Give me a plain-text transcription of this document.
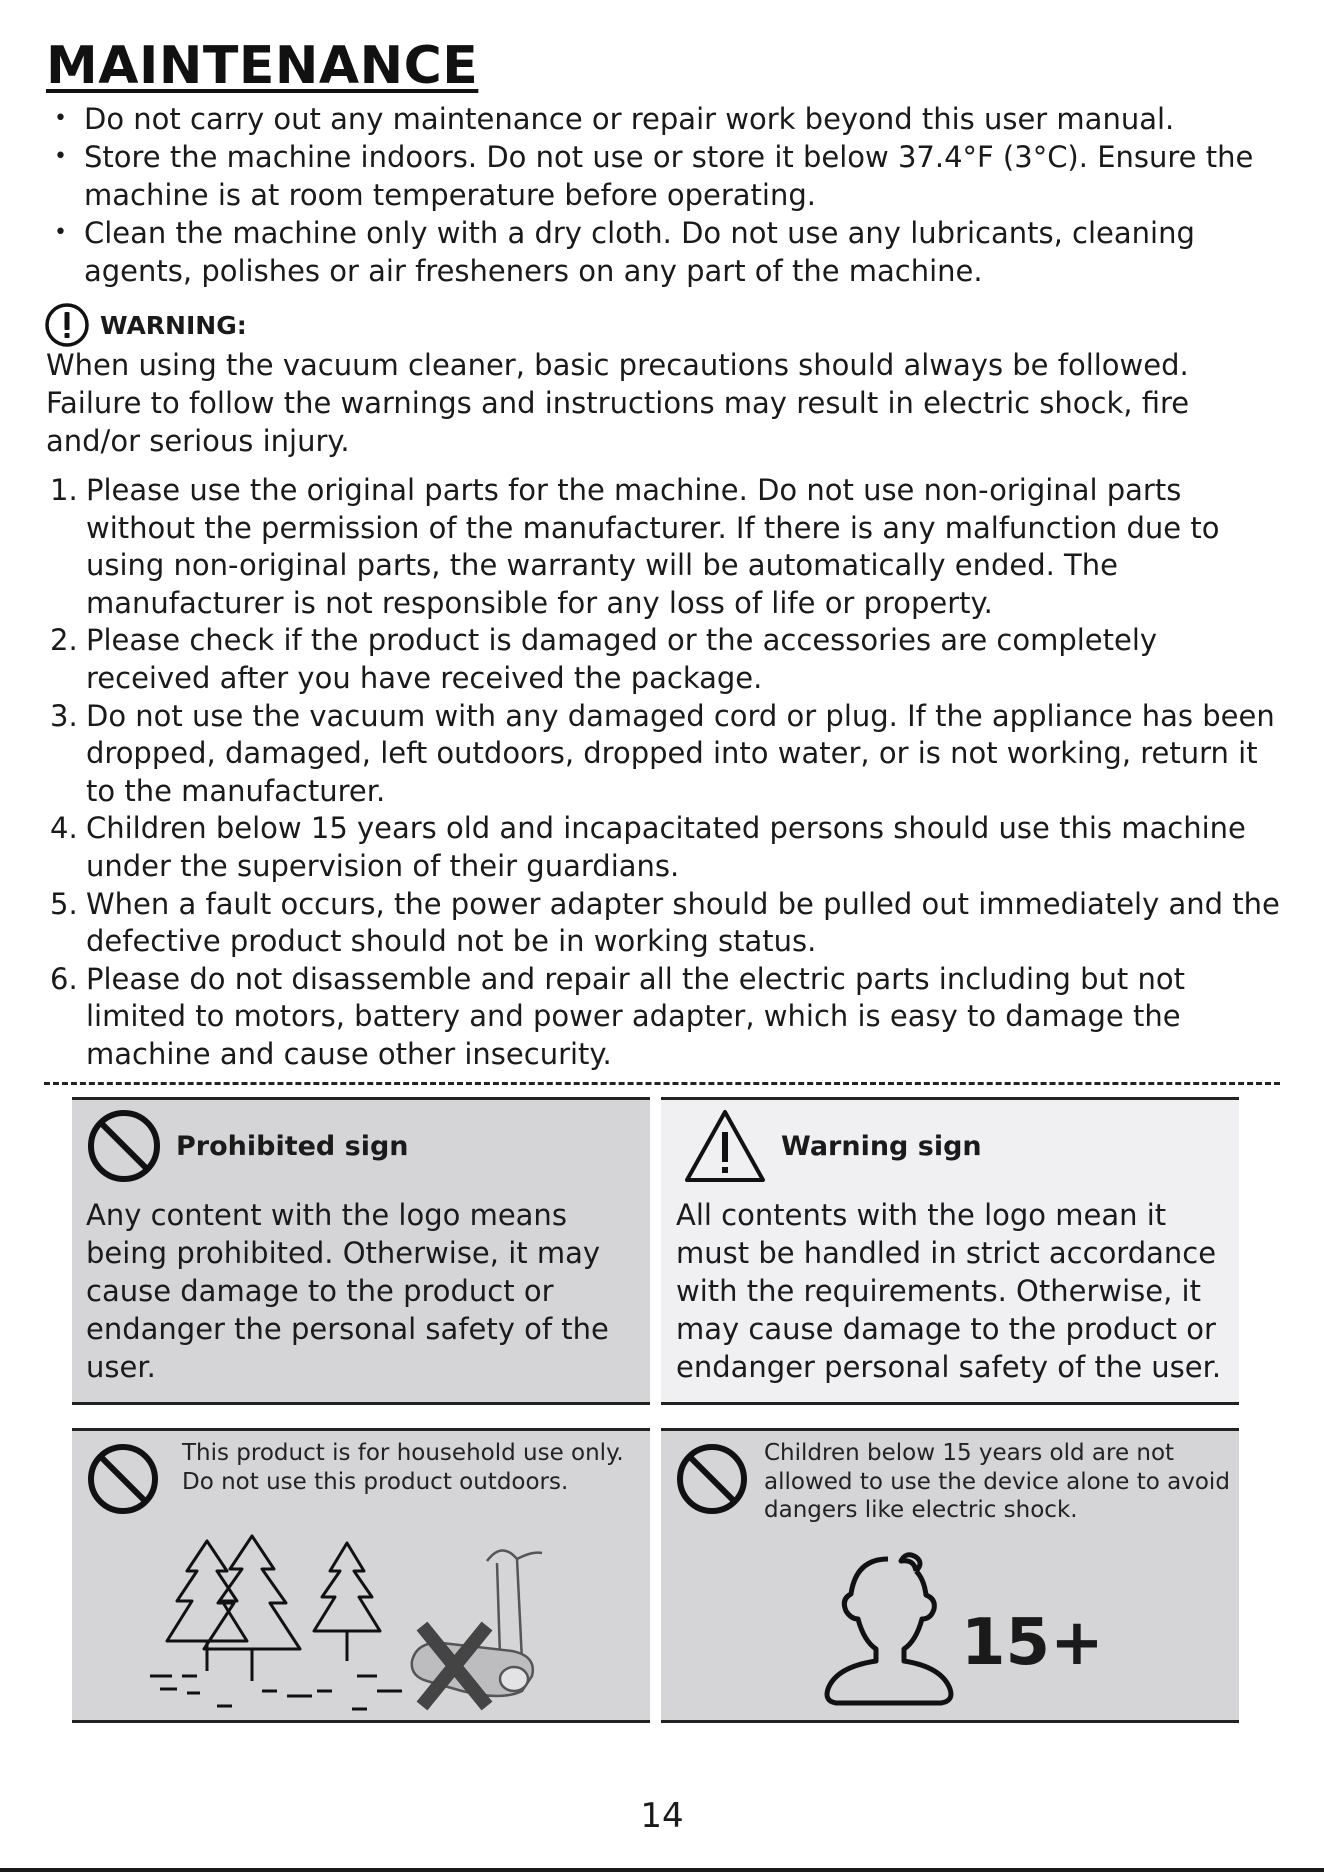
MAINTENANCE
• Do not carry out any maintenance or repair work beyond this user manual.
• Store the machine indoors. Do not use or store it below 37.4°F (3°C). Ensure the machine is at room temperature before operating.
• Clean the machine only with a dry cloth. Do not use any lubricants, cleaning agents, polishes or air fresheners on any part of the machine.
WARNING:

When using the vacuum cleaner, basic precautions should always be followed. Failure to follow the warnings and instructions may result in electric shock, fire and/or serious injury.

1. Please use the original parts for the machine. Do not use non-original parts without the permission of the manufacturer. If there is any malfunction due to using non-original parts, the warranty will be automatically ended. The manufacturer is not responsible for any loss of life or property.
2. Please check if the product is damaged or the accessories are completely received after you have received the package.
3. Do not use the vacuum with any damaged cord or plug. If the appliance has been dropped, damaged, left outdoors, dropped into water, or is not working, return it to the manufacturer.
4. Children below 15 years old and incapacitated persons should use this machine under the supervision of their guardians.
5. When a fault occurs, the power adapter should be pulled out immediately and the defective product should not be in working status.
6. Please do not disassemble and repair all the electric parts including but not limited to motors, battery and power adapter, which is easy to damage the machine and cause other insecurity.
Prohibited sign

Any content with the logo means being prohibited. Otherwise, it may cause damage to the product or endanger the personal safety of the user.

Warning sign

All contents with the logo mean it must be handled in strict accordance with the requirements. Otherwise, it may cause damage to the product or endanger personal safety of the user.

This product is for household use only. Do not use this product outdoors.

Children below 15 years old are not allowed to use the device alone to avoid dangers like electric shock.

15+
14
